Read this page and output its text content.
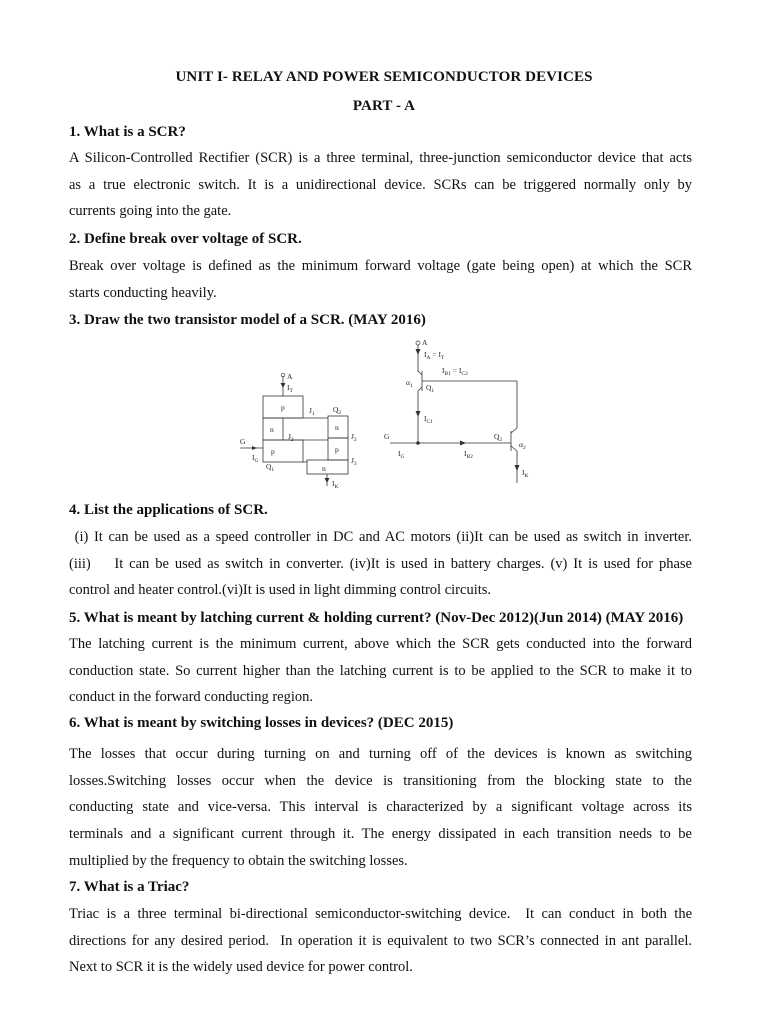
UNIT I- RELAY AND POWER SEMICONDUCTOR DEVICES
PART - A
1. What is a SCR?
A Silicon-Controlled Rectifier (SCR) is a three terminal, three-junction semiconductor device that acts
as a true electronic switch. It is a unidirectional device. SCRs can be triggered normally only by
currents going into the gate.
2. Define break over voltage of SCR.
Break over voltage is defined as the minimum forward voltage (gate being open) at which the SCR
starts conducting heavily.
3. Draw the two transistor model of a SCR. (MAY 2016)
A
$I_T$
p	$J_1$ $Q_2$
n	n
$J_2$	$J_2$
G
p	p
$I_G$	$J_3$
$Q_1$	n
$I_K$
A
$I_A = I_T$
$I_{B1} = I_{C2}$
$\alpha_1$ $Q_1$
$I_{C1}$
G
$I_G$	$I_{B2}$
$Q_2$ $\alpha_2$
$I_K$
4. List the applications of SCR.
(i) It can be used as a speed controller in DC and AC motors (ii)It can be used as switch in inverter.
(iii)    It can be used as switch in converter. (iv)It is used in battery charges. (v) It is used for phase
control and heater control.(vi)It is used in light dimming control circuits.
5. What is meant by latching current & holding current? (Nov-Dec 2012)(Jun 2014) (MAY 2016)
The latching current is the minimum current, above which the SCR gets conducted into the forward
conduction state. So current higher than the latching current is to be applied to the SCR to make it to
conduct in the forward conducting region.
6. What is meant by switching losses in devices? (DEC 2015)
The losses that occur during turning on and turning off of the devices is known as switching
losses.Switching losses occur when the device is transitioning from the blocking state to the
conducting state and vice-versa. This interval is characterized by a significant voltage across its
terminals and a significant current through it. The energy dissipated in each transition needs to be
multiplied by the frequency to obtain the switching losses.
7. What is a Triac?
Triac is a three terminal bi-directional semiconductor-switching device.  It can conduct in both the
directions for any desired period.  In operation it is equivalent to two SCR’s connected in ant parallel.
Next to SCR it is the widely used device for power control.
